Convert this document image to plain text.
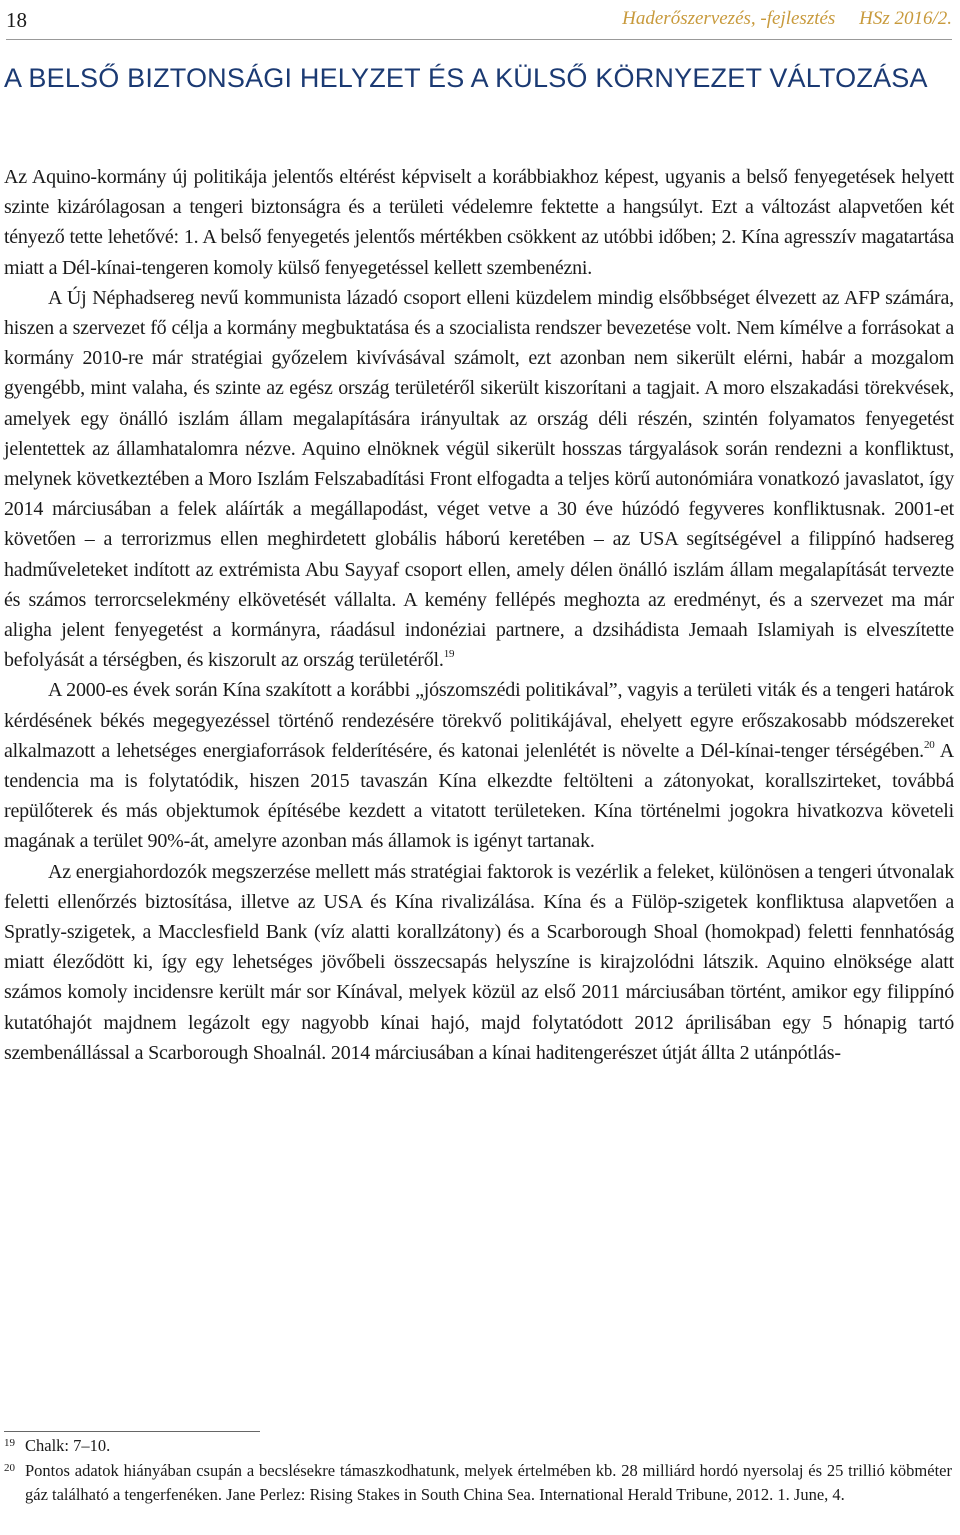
18	Haderőszervezés, -fejlesztés HSz 2016/2.
A BELSŐ BIZTONSÁGI HELYZET ÉS A KÜLSŐ KÖRNYEZET VÁLTOZÁSA

Az Aquino-kormány új politikája jelentős eltérést képviselt a korábbiakhoz képest, ugyanis a belső fenyegetések helyett szinte kizárólagosan a tengeri biztonságra és a területi védelemre fektette a hangsúlyt. Ezt a változást alapvetően két tényező tette lehetővé: 1. A belső fenyegetés jelentős mértékben csökkent az utóbbi időben; 2. Kína agresszív magatartása miatt a Dél-kínai-tengeren komoly külső fenyegetéssel kellett szembenézni.

A Új Néphadsereg nevű kommunista lázadó csoport elleni küzdelem mindig elsőbbséget élvezett az AFP számára, hiszen a szervezet fő célja a kormány megbuktatása és a szocialista rendszer bevezetése volt. Nem kímélve a forrásokat a kormány 2010-re már stratégiai győzelem kivívásával számolt, ezt azonban nem sikerült elérni, habár a mozgalom gyengébb, mint valaha, és szinte az egész ország területéről sikerült kiszorítani a tagjait. A moro elszakadási törekvések, amelyek egy önálló iszlám állam megalapítására irányultak az ország déli részén, szintén folyamatos fenyegetést jelentettek az államhatalomra nézve. Aquino elnöknek végül sikerült hosszas tárgyalások során rendezni a konfliktust, melynek következtében a Moro Iszlám Felszabadítási Front elfogadta a teljes körű autonómiára vonatkozó javaslatot, így 2014 márciusában a felek aláírták a megállapodást, véget vetve a 30 éve húzódó fegyveres konfliktusnak. 2001-et követően – a terrorizmus ellen meghirdetett globális háború keretében – az USA segítségével a filippínó hadsereg hadműveleteket indított az extrémista Abu Sayyaf csoport ellen, amely délen önálló iszlám állam megalapítását tervezte és számos terrorcselekmény elkövetését vállalta. A kemény fellépés meghozta az eredményt, és a szervezet ma már aligha jelent fenyegetést a kormányra, ráadásul indonéziai partnere, a dzsihádista Jemaah Islamiyah is elveszítette befolyását a térségben, és kiszorult az ország területéről.$^{19}$

A 2000-es évek során Kína szakított a korábbi „jószomszédi politikával”, vagyis a területi viták és a tengeri határok kérdésének békés megegyezéssel történő rendezésére törekvő politikájával, ehelyett egyre erőszakosabb módszereket alkalmazott a lehetséges energiaforrások felderítésére, és katonai jelenlétét is növelte a Dél-kínai-tenger térségében.$^{20}$ A tendencia ma is folytatódik, hiszen 2015 tavaszán Kína elkezdte feltölteni a zátonyokat, korallszirteket, továbbá repülőterek és más objektumok építésébe kezdett a vitatott területeken. Kína történelmi jogokra hivatkozva követeli magának a terület 90%-át, amelyre azonban más államok is igényt tartanak.

Az energiahordozók megszerzése mellett más stratégiai faktorok is vezérlik a feleket, különösen a tengeri útvonalak feletti ellenőrzés biztosítása, illetve az USA és Kína rivalizálása. Kína és a Fülöp-szigetek konfliktusa alapvetően a Spratly-szigetek, a Macclesfield Bank (víz alatti korallzátony) és a Scarborough Shoal (homokpad) feletti fennhatóság miatt éleződött ki, így egy lehetséges jövőbeli összecsapás helyszíne is kirajzolódni látszik. Aquino elnöksége alatt számos komoly incidensre került már sor Kínával, melyek közül az első 2011 márciusában történt, amikor egy filippínó kutatóhajót majdnem legázolt egy nagyobb kínai hajó, majd folytatódott 2012 áprilisában egy 5 hónapig tartó szembenállással a Scarborough Shoalnál. 2014 márciusában a kínai haditengerészet útját állta 2 utánpótlás-

19 Chalk: 7–10.
20 Pontos adatok hiányában csupán a becslésekre támaszkodhatunk, melyek értelmében kb. 28 milliárd hordó nyersolaj és 25 trillió köbméter gáz található a tengerfenéken. Jane Perlez: Rising Stakes in South China Sea. International Herald Tribune, 2012. 1. June, 4.
